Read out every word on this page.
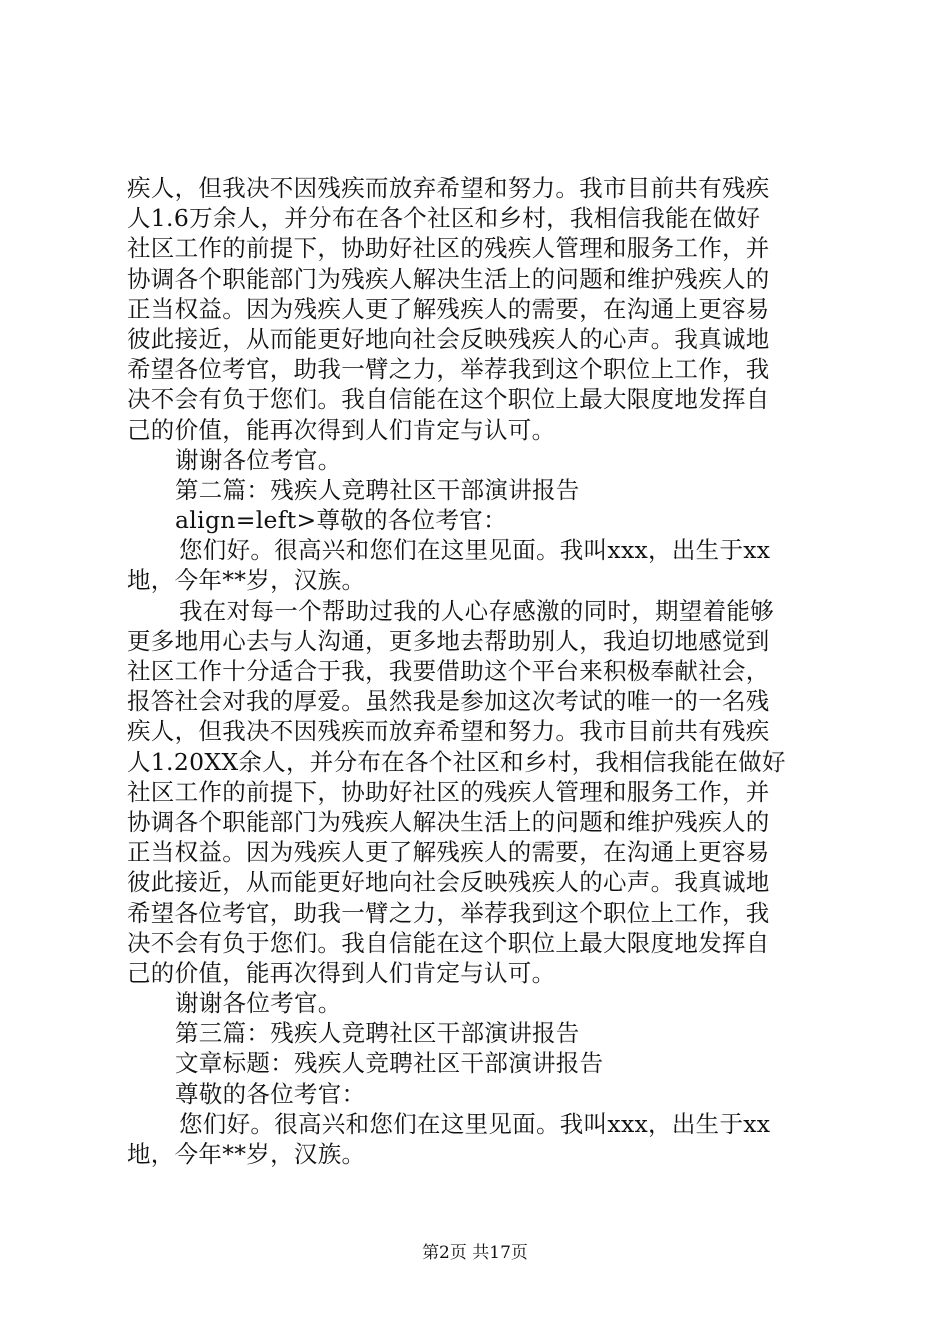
疾人，但我决不因残疾而放弃希望和努力。我市目前共有残疾
人1.6万余人，并分布在各个社区和乡村，我相信我能在做好
社区工作的前提下，协助好社区的残疾人管理和服务工作，并
协调各个职能部门为残疾人解决生活上的问题和维护残疾人的
正当权益。因为残疾人更了解残疾人的需要，在沟通上更容易
彼此接近，从而能更好地向社会反映残疾人的心声。我真诚地
希望各位考官，助我一臂之力，举荐我到这个职位上工作，我
决不会有负于您们。我自信能在这个职位上最大限度地发挥自
己的价值，能再次得到人们肯定与认可。
谢谢各位考官。
第二篇：残疾人竞聘社区干部演讲报告
align=left>尊敬的各位考官：
您们好。很高兴和您们在这里见面。我叫xxx，出生于xx
地，今年**岁，汉族。
我在对每一个帮助过我的人心存感激的同时，期望着能够
更多地用心去与人沟通，更多地去帮助别人，我迫切地感觉到
社区工作十分适合于我，我要借助这个平台来积极奉献社会，
报答社会对我的厚爱。虽然我是参加这次考试的唯一的一名残
疾人，但我决不因残疾而放弃希望和努力。我市目前共有残疾
人1.20XX余人，并分布在各个社区和乡村，我相信我能在做好
社区工作的前提下，协助好社区的残疾人管理和服务工作，并
协调各个职能部门为残疾人解决生活上的问题和维护残疾人的
正当权益。因为残疾人更了解残疾人的需要，在沟通上更容易
彼此接近，从而能更好地向社会反映残疾人的心声。我真诚地
希望各位考官，助我一臂之力，举荐我到这个职位上工作，我
决不会有负于您们。我自信能在这个职位上最大限度地发挥自
己的价值，能再次得到人们肯定与认可。
谢谢各位考官。
第三篇：残疾人竞聘社区干部演讲报告
文章标题：残疾人竞聘社区干部演讲报告
尊敬的各位考官：
您们好。很高兴和您们在这里见面。我叫xxx，出生于xx
地，今年**岁，汉族。
第2页 共17页
